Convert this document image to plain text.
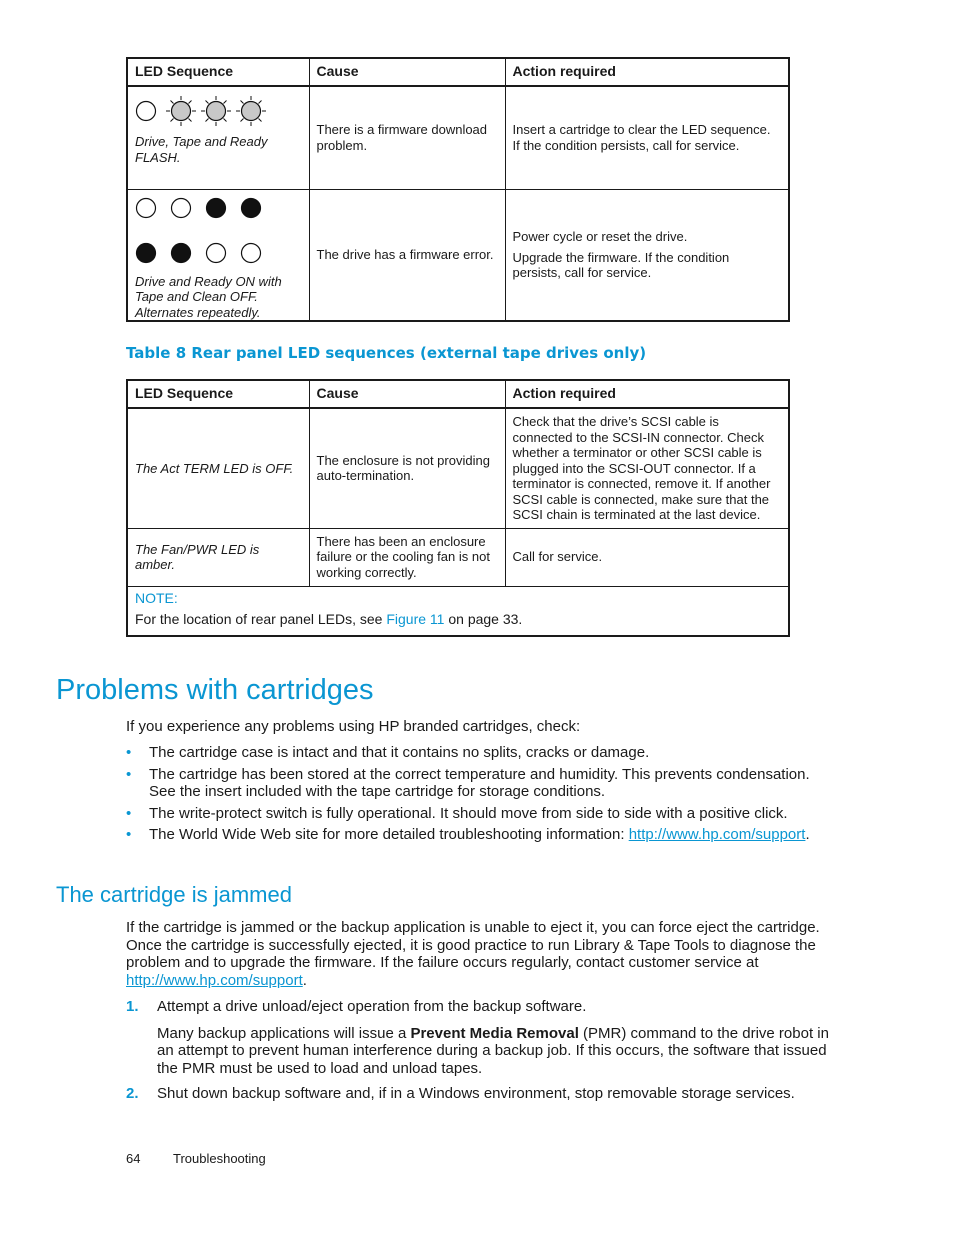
LED Sequence	Cause	Action required

Drive, Tape and Ready FLASH.	There is a firmware download problem.	Insert a cartridge to clear the LED sequence. If the condition persists, call for service.

Drive and Ready ON with Tape and Clean OFF. Alternates repeatedly.	The drive has a firmware error.	Power cycle or reset the drive.
Upgrade the firmware. If the condition persists, call for service.
Table 8 Rear panel LED sequences (external tape drives only)
LED Sequence	Cause	Action required
The Act TERM LED is OFF.	The enclosure is not providing auto-termination.	Check that the drive’s SCSI cable is connected to the SCSI-IN connector. Check whether a terminator or other SCSI cable is plugged into the SCSI-OUT connector. If a terminator is connected, remove it. If another SCSI cable is connected, make sure that the SCSI chain is terminated at the last device.
The Fan/PWR LED is amber.	There has been an enclosure failure or the cooling fan is not working correctly.	Call for service.

NOTE:
For the location of rear panel LEDs, see Figure 11 on page 33.		
Problems with cartridges
If you experience any problems using HP branded cartridges, check:
• The cartridge case is intact and that it contains no splits, cracks or damage.
• The cartridge has been stored at the correct temperature and humidity. This prevents condensation. See the insert included with the tape cartridge for storage conditions.
• The write-protect switch is fully operational. It should move from side to side with a positive click.
• The World Wide Web site for more detailed troubleshooting information: http://www.hp.com/support.
The cartridge is jammed
If the cartridge is jammed or the backup application is unable to eject it, you can force eject the cartridge. Once the cartridge is successfully ejected, it is good practice to run Library & Tape Tools to diagnose the problem and to upgrade the firmware. If the failure occurs regularly, contact customer service at http://www.hp.com/support.
1. Attempt a drive unload/eject operation from the backup software.
Many backup applications will issue a Prevent Media Removal (PMR) command to the drive robot in an attempt to prevent human interference during a backup job. If this occurs, the software that issued the PMR must be used to load and unload tapes.
2. Shut down backup software and, if in a Windows environment, stop removable storage services.
64	Troubleshooting
